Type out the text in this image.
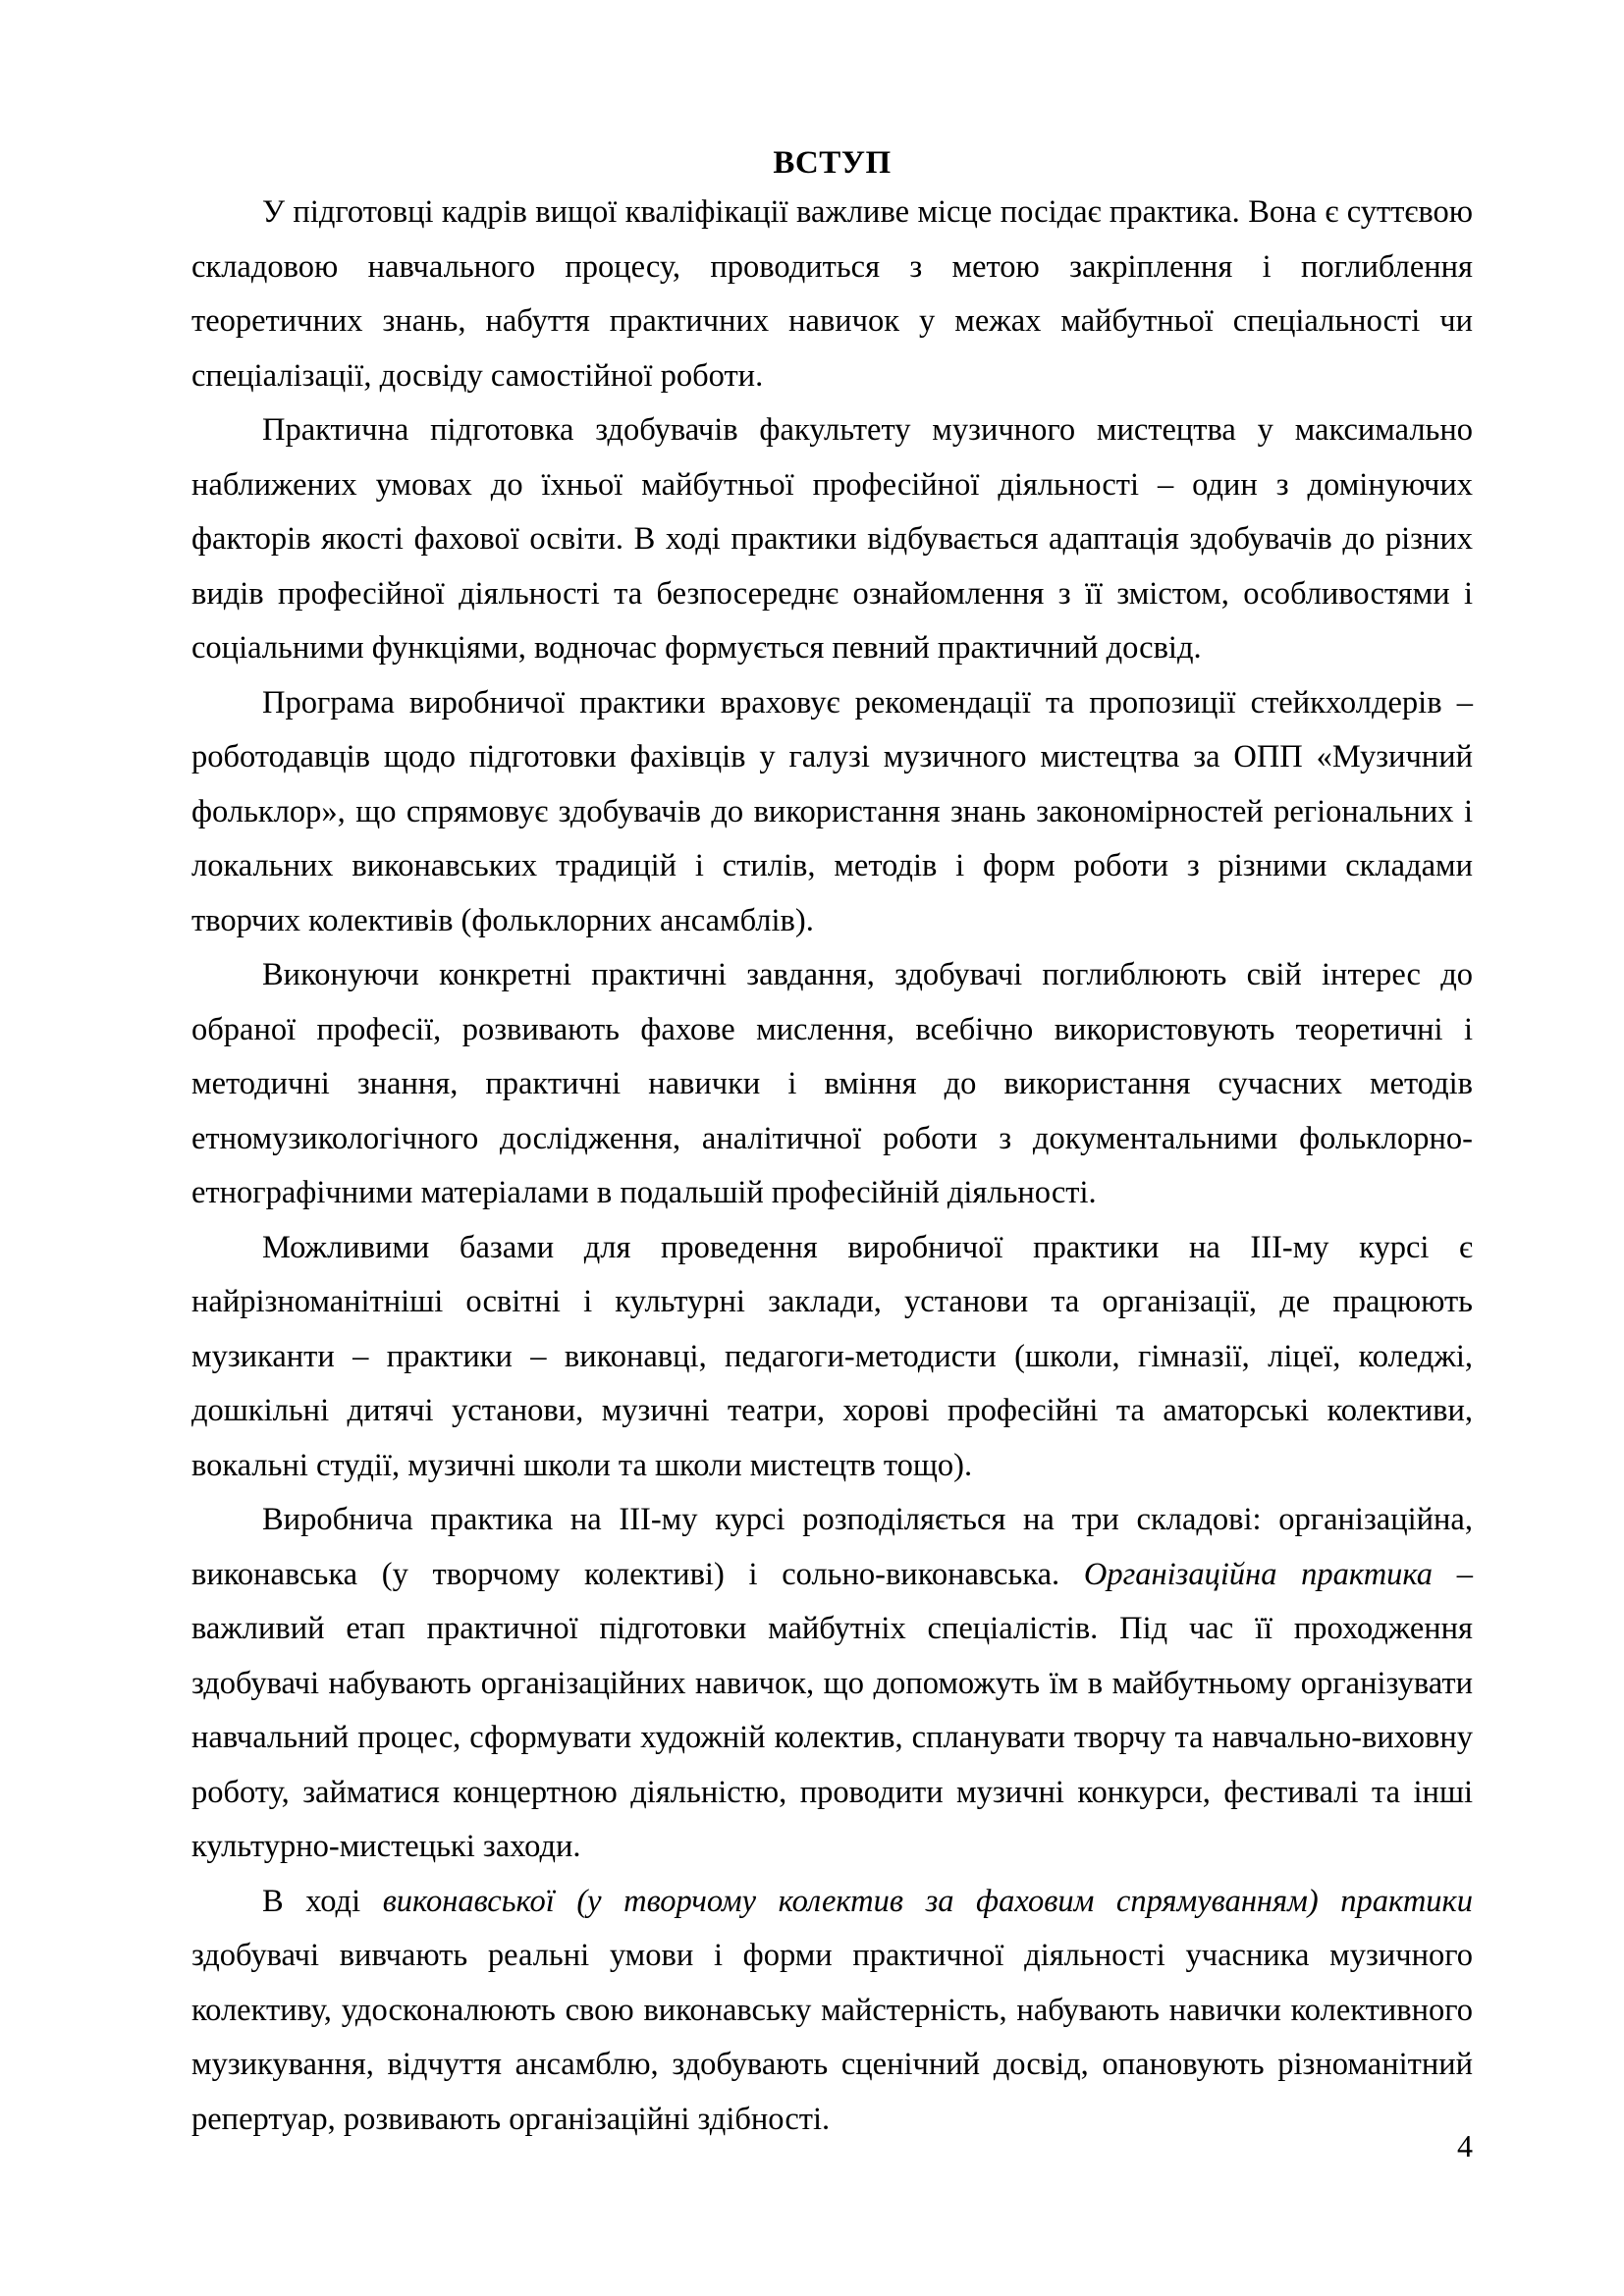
ВСТУП

У підготовці кадрів вищої кваліфікації важливе місце посідає практика. Вона є суттєвою складовою навчального процесу, проводиться з метою закріплення і поглиблення теоретичних знань, набуття практичних навичок у межах майбутньої спеціальності чи спеціалізації, досвіду самостійної роботи.

Практична підготовка здобувачів факультету музичного мистецтва у максимально наближених умовах до їхньої майбутньої професійної діяльності – один з домінуючих факторів якості фахової освіти. В ході практики відбувається адаптація здобувачів до різних видів професійної діяльності та безпосереднє ознайомлення з її змістом, особливостями і соціальними функціями, водночас формується певний практичний досвід.

Програма виробничої практики враховує рекомендації та пропозиції стейкхолдерів – роботодавців щодо підготовки фахівців у галузі музичного мистецтва за ОПП «Музичний фольклор», що спрямовує здобувачів до використання знань закономірностей регіональних і локальних виконавських традицій і стилів, методів і форм роботи з різними складами творчих колективів (фольклорних ансамблів).

Виконуючи конкретні практичні завдання, здобувачі поглиблюють свій інтерес до обраної професії, розвивають фахове мислення, всебічно використовують теоретичні і методичні знання, практичні навички і вміння до використання сучасних методів етномузикологічного дослідження, аналітичної роботи з документальними фольклорно-етнографічними матеріалами в подальшій професійній діяльності.

Можливими базами для проведення виробничої практики на ІІІ-му курсі є найрізноманітніші освітні і культурні заклади, установи та організації, де працюють музиканти – практики – виконавці, педагоги-методисти (школи, гімназії, ліцеї, коледжі, дошкільні дитячі установи, музичні театри, хорові професійні та аматорські колективи, вокальні студії, музичні школи та школи мистецтв тощо).

Виробнича практика на ІІІ-му курсі розподіляється на три складові: організаційна, виконавська (у творчому колективі) і сольно-виконавська. Організаційна практика – важливий етап практичної підготовки майбутніх спеціалістів. Під час її проходження здобувачі набувають організаційних навичок, що допоможуть їм в майбутньому організувати навчальний процес, сформувати художній колектив, спланувати творчу та навчально-виховну роботу, займатися концертною діяльністю, проводити музичні конкурси, фестивалі та інші культурно-мистецькі заходи.

В ході виконавської (у творчому колектив за фаховим спрямуванням) практики здобувачі вивчають реальні умови і форми практичної діяльності учасника музичного колективу, удосконалюють свою виконавську майстерність, набувають навички колективного музикування, відчуття ансамблю, здобувають сценічний досвід, опановують різноманітний репертуар, розвивають організаційні здібності.

4
